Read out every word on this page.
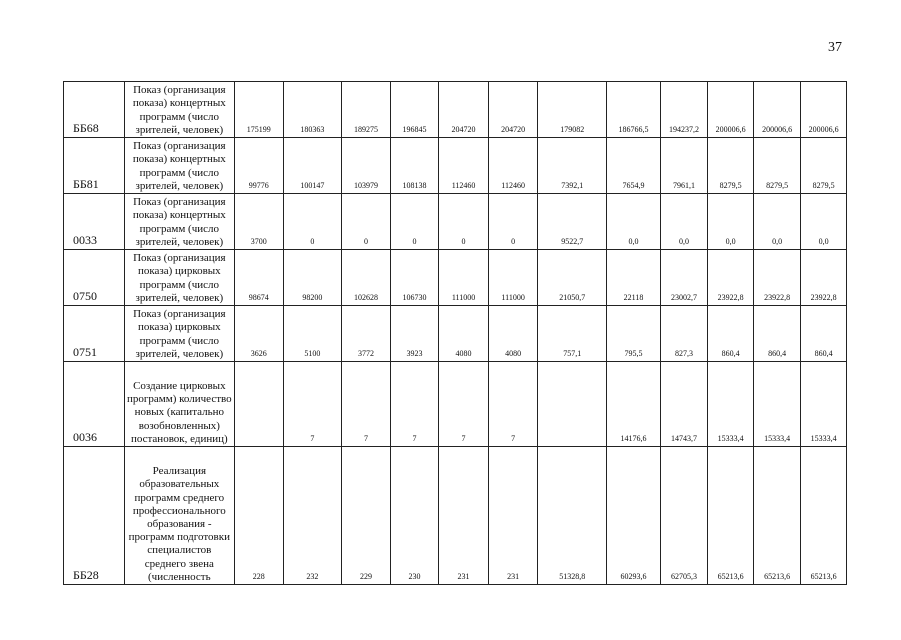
37
ББ68	Показ (организация показа) концертных программ (число зрителей, человек)	175199	180363	189275	196845	204720	204720	179082	186766,5	194237,2	200006,6	200006,6	200006,6
ББ81	Показ (организация показа) концертных программ (число зрителей, человек)	99776	100147	103979	108138	112460	112460	7392,1	7654,9	7961,1	8279,5	8279,5	8279,5
0033	Показ (организация показа) концертных программ (число зрителей, человек)	3700	0	0	0	0	0	9522,7	0,0	0,0	0,0	0,0	0,0
0750	Показ (организация показа) цирковых программ (число зрителей, человек)	98674	98200	102628	106730	111000	111000	21050,7	22118	23002,7	23922,8	23922,8	23922,8
0751	Показ (организация показа) цирковых программ (число зрителей, человек)	3626	5100	3772	3923	4080	4080	757,1	795,5	827,3	860,4	860,4	860,4
0036	Создание цирковых программ) количество новых (капитально возобновленных) постановок, единиц)		7	7	7	7	7		14176,6	14743,7	15333,4	15333,4	15333,4
ББ28	Реализация образовательных программ среднего профессионального образования - программ подготовки специалистов среднего звена (численность	228	232	229	230	231	231	51328,8	60293,6	62705,3	65213,6	65213,6	65213,6
